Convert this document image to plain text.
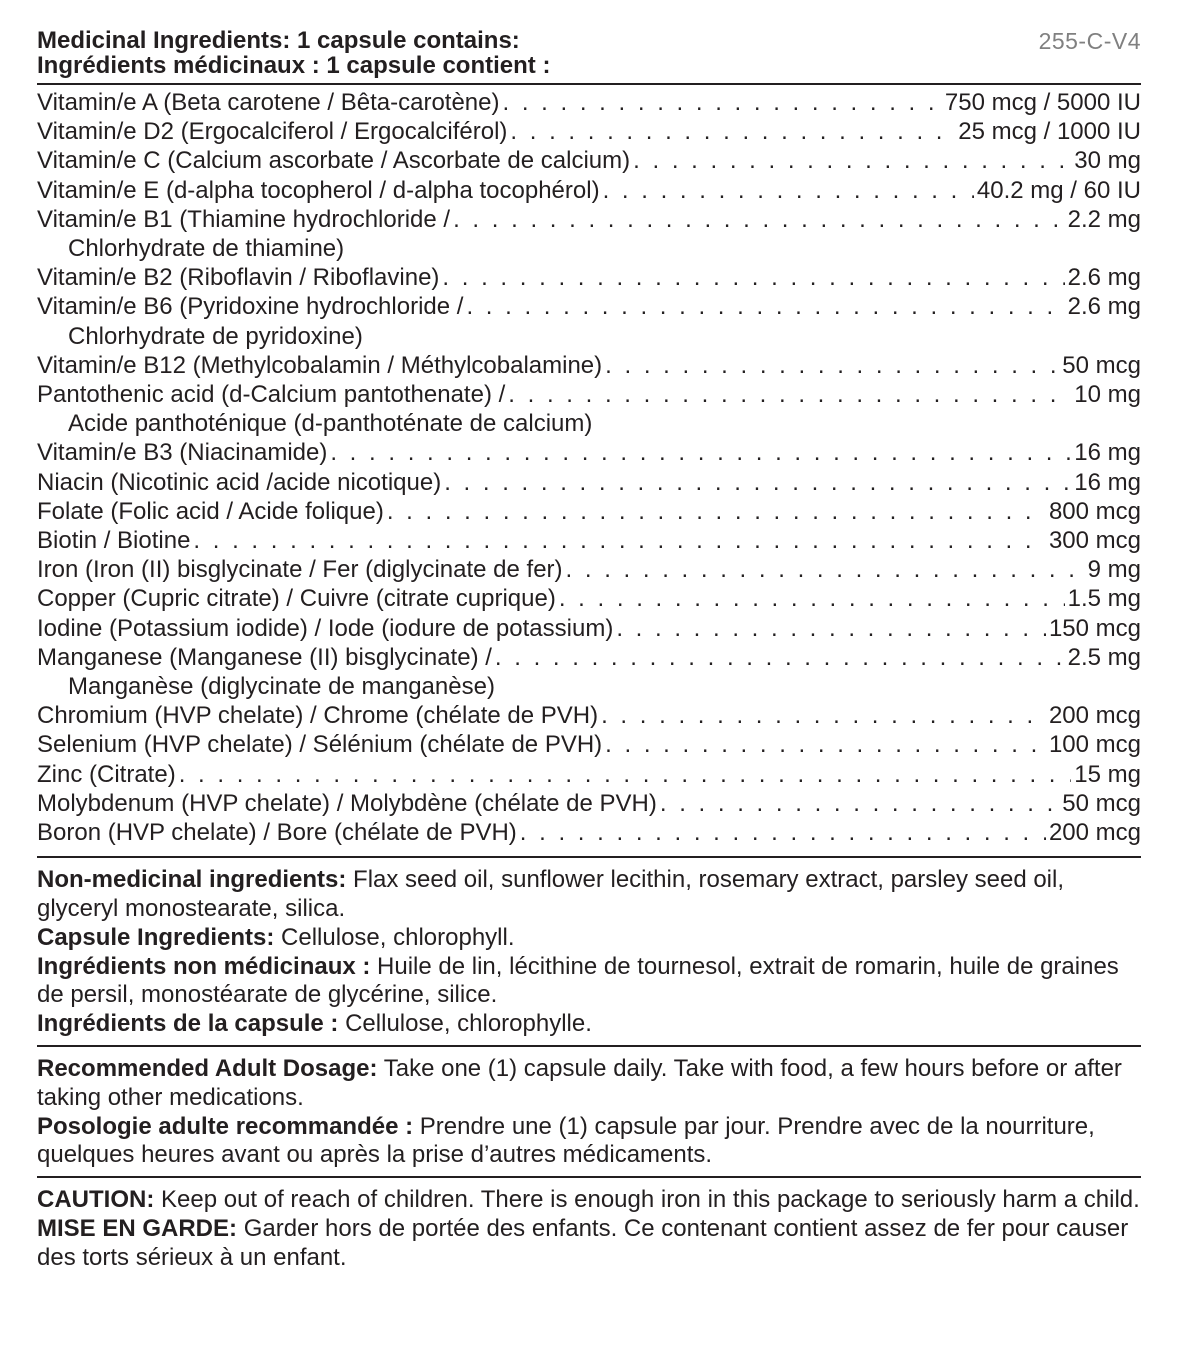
255-C-V4
Medicinal Ingredients: 1 capsule contains:
Ingrédients médicinaux : 1 capsule contient :
Vitamin/e A (Beta carotene / Bêta-carotène) . . .	750 mcg / 5000 IU
Vitamin/e D2 (Ergocalciferol / Ergocalciférol) . . .	25 mcg / 1000 IU
Vitamin/e C (Calcium ascorbate / Ascorbate de calcium) . . .	30 mg
Vitamin/e E (d-alpha tocopherol / d-alpha tocophérol) . . .	40.2 mg / 60 IU
Vitamin/e B1 (Thiamine hydrochloride / . . .	2.2 mg
Chlorhydrate de thiamine)
Vitamin/e B2 (Riboflavin / Riboflavine) . . .	2.6 mg
Vitamin/e B6 (Pyridoxine hydrochloride / . . .	2.6 mg
Chlorhydrate de pyridoxine)
Vitamin/e B12 (Methylcobalamin / Méthylcobalamine) . . .	50 mcg
Pantothenic acid (d-Calcium pantothenate) / . . .	10 mg
Acide panthoténique (d-panthoténate de calcium)
Vitamin/e B3 (Niacinamide) . . .	16 mg
Niacin (Nicotinic acid /acide nicotique) . . .	16 mg
Folate (Folic acid / Acide folique) . . .	800 mcg
Biotin / Biotine . . .	300 mcg
Iron (Iron (II) bisglycinate / Fer (diglycinate de fer) . . .	9 mg
Copper (Cupric citrate) / Cuivre (citrate cuprique) . . .	1.5 mg
Iodine (Potassium iodide) / Iode (iodure de potassium) . . .	150 mcg
Manganese (Manganese (II) bisglycinate) / . . .	2.5 mg
Manganèse (diglycinate de manganèse)
Chromium (HVP chelate) / Chrome (chélate de PVH) . . .	200 mcg
Selenium (HVP chelate) / Sélénium (chélate de PVH) . . .	100 mcg
Zinc (Citrate) . . .	15 mg
Molybdenum (HVP chelate) / Molybdène (chélate de PVH) . . .	50 mcg
Boron (HVP chelate) / Bore (chélate de PVH) . . .	200 mcg

Non-medicinal ingredients: Flax seed oil, sunflower lecithin, rosemary extract, parsley seed oil, glyceryl monostearate, silica.

Capsule Ingredients: Cellulose, chlorophyll.

Ingrédients non médicinaux : Huile de lin, lécithine de tournesol, extrait de romarin, huile de graines de persil, monostéarate de glycérine, silice.

Ingrédients de la capsule : Cellulose, chlorophylle.

Recommended Adult Dosage: Take one (1) capsule daily. Take with food, a few hours before or after taking other medications.

Posologie adulte recommandée : Prendre une (1) capsule par jour. Prendre avec de la nourriture, quelques heures avant ou après la prise d’autres médicaments.

CAUTION: Keep out of reach of children. There is enough iron in this package to seriously harm a child.

MISE EN GARDE: Garder hors de portée des enfants. Ce contenant contient assez de fer pour causer des torts sérieux à un enfant.
